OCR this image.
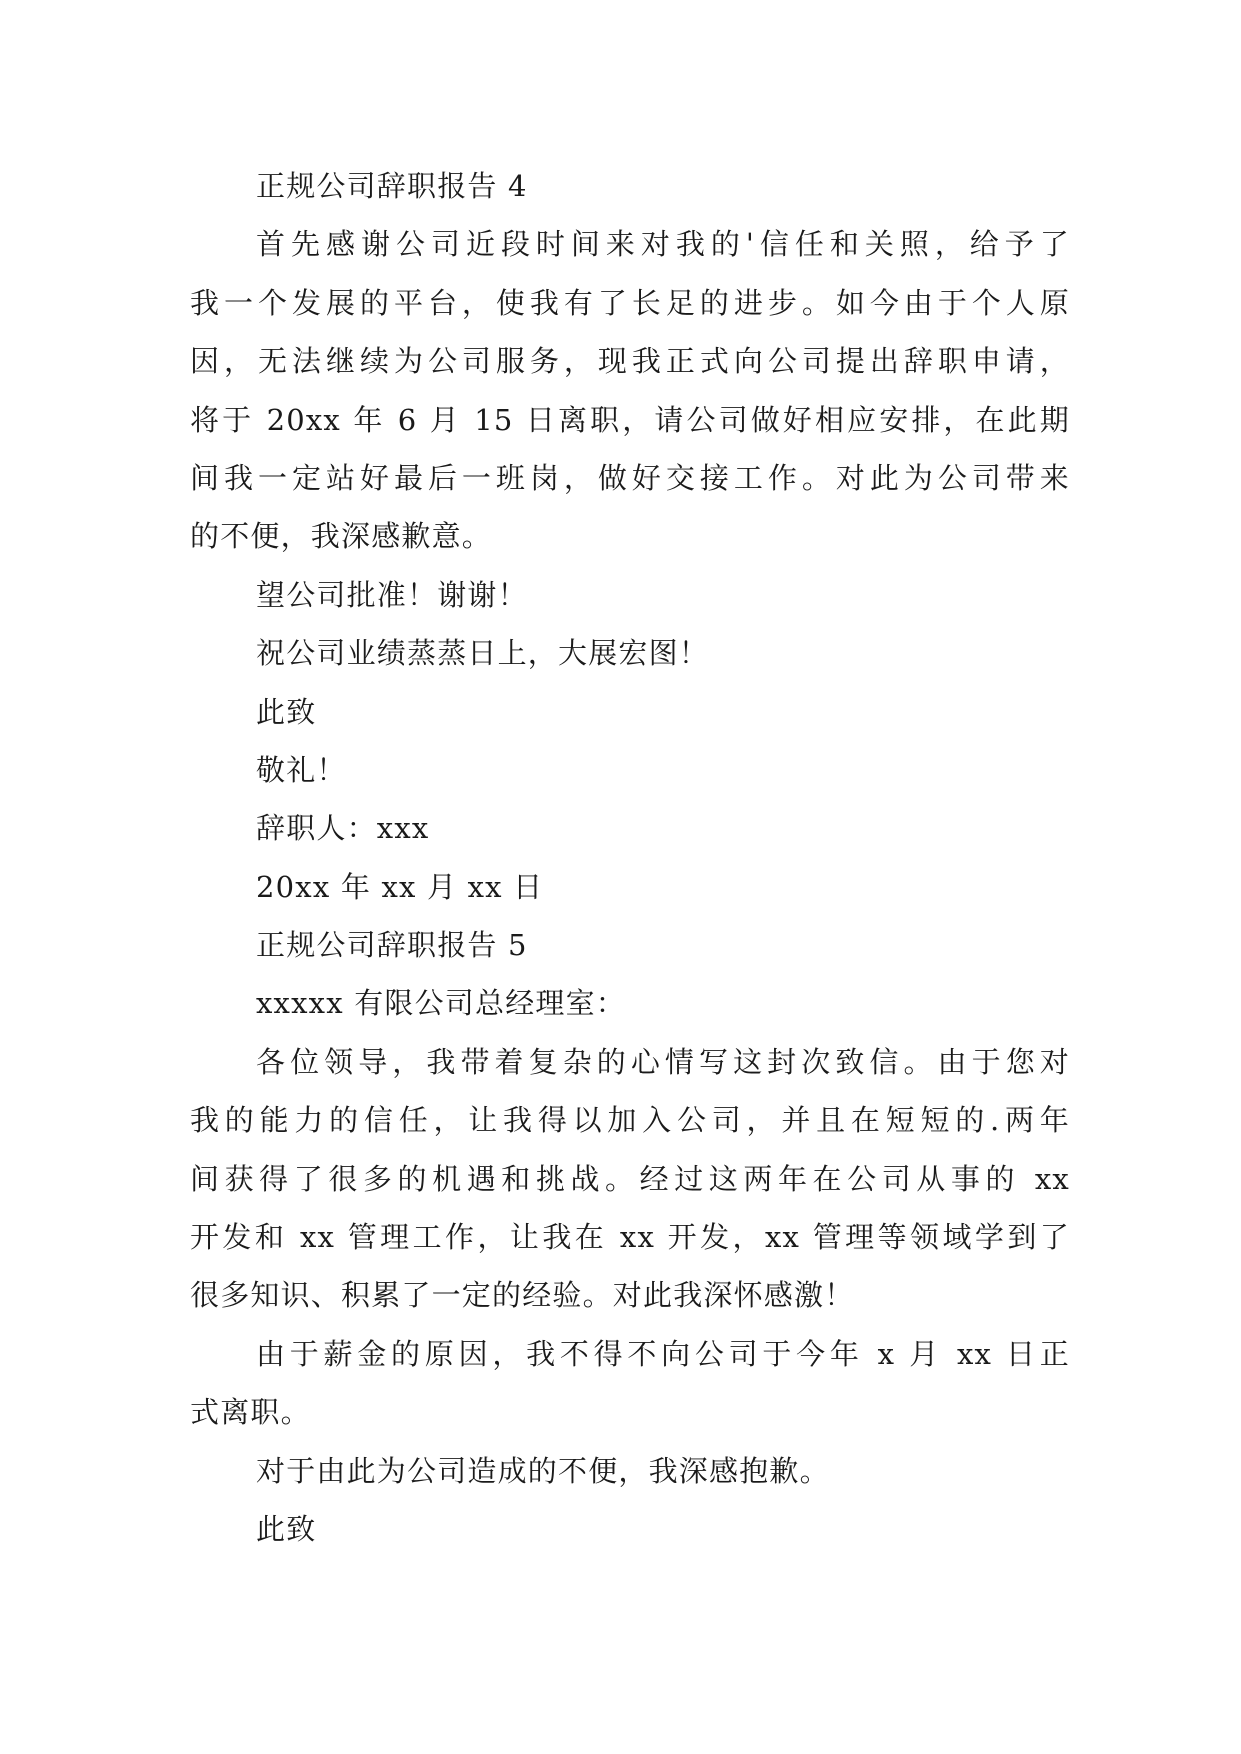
正规公司辞职报告 4
首先感谢公司近段时间来对我的'信任和关照，给予了
我一个发展的平台，使我有了长足的进步。如今由于个人原
因，无法继续为公司服务，现我正式向公司提出辞职申请，
将于 20xx 年 6 月 15 日离职，请公司做好相应安排，在此期
间我一定站好最后一班岗，做好交接工作。对此为公司带来
的不便，我深感歉意。
望公司批准！谢谢！
祝公司业绩蒸蒸日上，大展宏图！
此致
敬礼！
辞职人：xxx
20xx 年 xx 月 xx 日
正规公司辞职报告 5
xxxxx 有限公司总经理室：
各位领导，我带着复杂的心情写这封次致信。由于您对
我的能力的信任，让我得以加入公司，并且在短短的.两年
间获得了很多的机遇和挑战。经过这两年在公司从事的 xx
开发和 xx 管理工作，让我在 xx 开发，xx 管理等领域学到了
很多知识、积累了一定的经验。对此我深怀感激！
由于薪金的原因，我不得不向公司于今年 x 月 xx 日正
式离职。
对于由此为公司造成的不便，我深感抱歉。
此致
